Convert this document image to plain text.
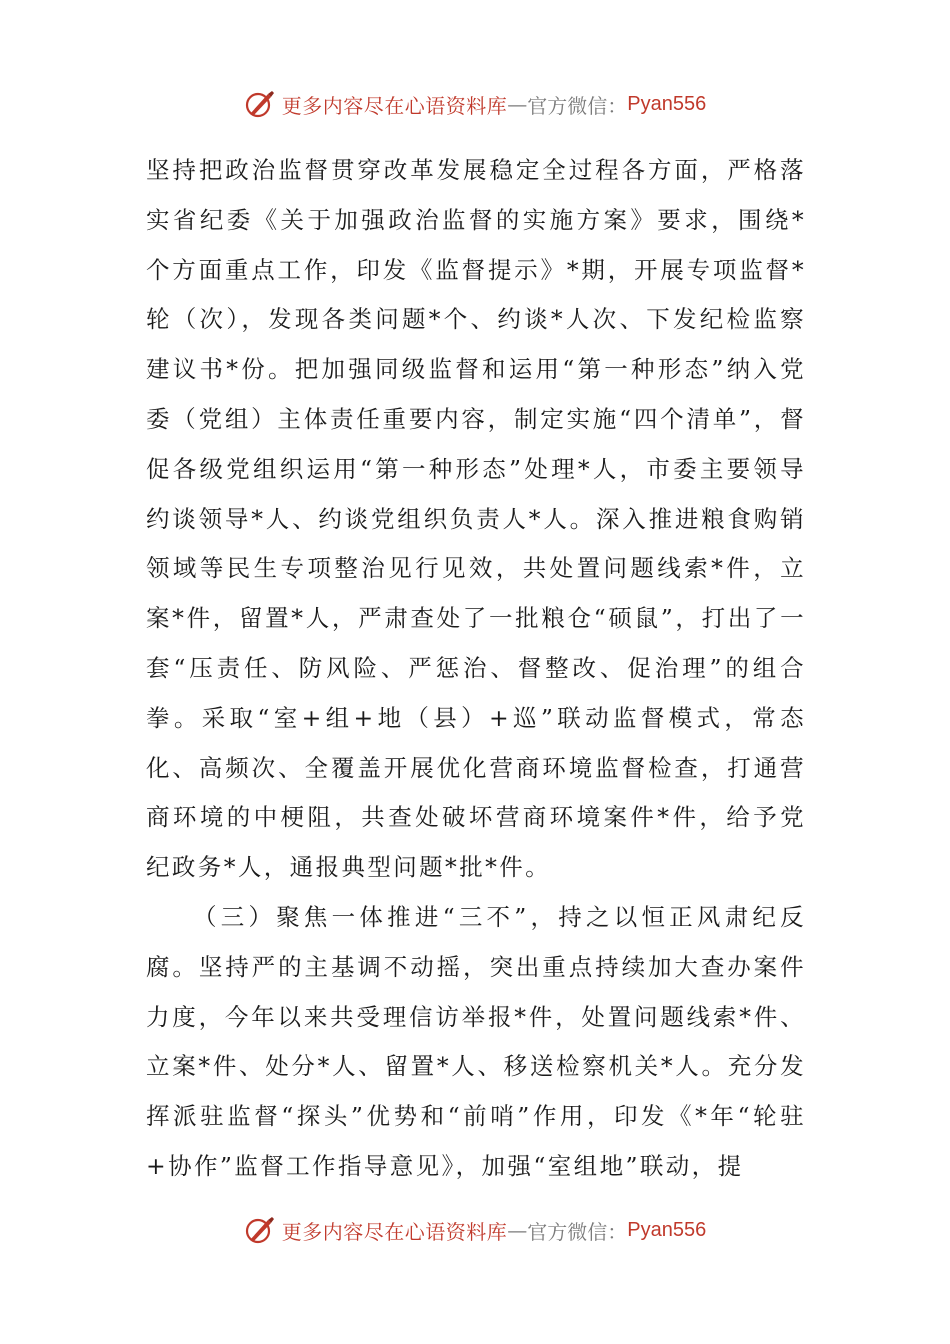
更多内容尽在心语资料库 — 官方微信： Pyan556

坚持把政治监督贯穿改革发展稳定全过程各方面，严格落实省纪委《关于加强政治监督的实施方案》要求，围绕*个方面重点工作，印发《监督提示》*期，开展专项监督*轮（次），发现各类问题*个、约谈*人次、下发纪检监察建议书*份。把加强同级监督和运用“第一种形态”纳入党委（党组）主体责任重要内容，制定实施“四个清单”，督促各级党组织运用“第一种形态”处理*人，市委主要领导约谈领导*人、约谈党组织负责人*人。深入推进粮食购销领域等民生专项整治见行见效，共处置问题线索*件，立案*件，留置*人，严肃查处了一批粮仓“硕鼠”，打出了一套“压责任、防风险、严惩治、督整改、促治理”的组合拳。采取“室+组+地（县）+巡”联动监督模式，常态化、高频次、全覆盖开展优化营商环境监督检查，打通营商环境的中梗阻，共查处破坏营商环境案件*件，给予党纪政务*人，通报典型问题*批*件。

（三）聚焦一体推进“三不”，持之以恒正风肃纪反腐。坚持严的主基调不动摇，突出重点持续加大查办案件力度，今年以来共受理信访举报*件，处置问题线索*件、立案*件、处分*人、留置*人、移送检察机关*人。充分发挥派驻监督“探头”优势和“前哨”作用，印发《*年“轮驻+协作”监督工作指导意见》，加强“室组地”联动，提

更多内容尽在心语资料库 — 官方微信： Pyan556
